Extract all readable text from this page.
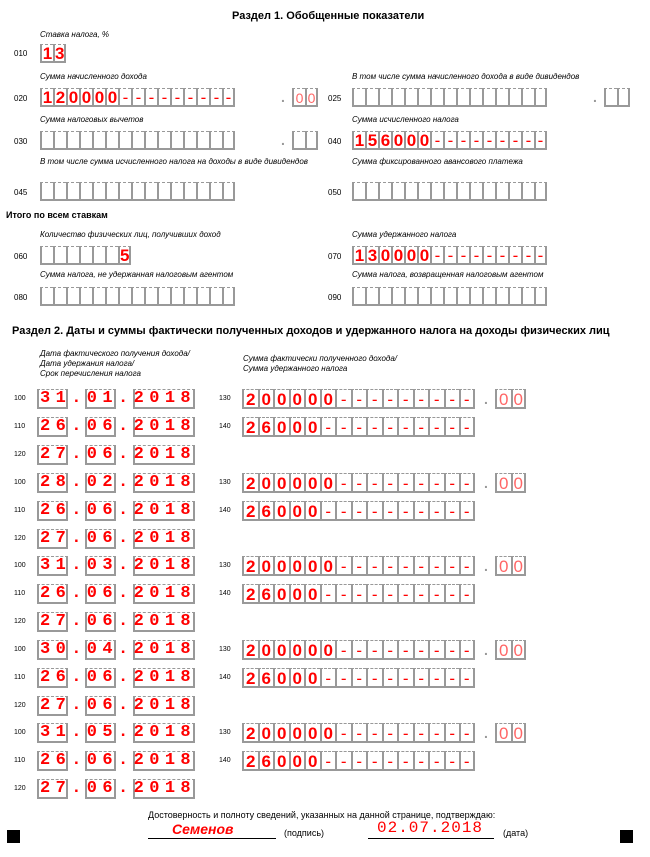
Раздел 1. Обобщенные показатели
Ставка налога, %
010 1 3
Сумма начисленного дохода
020 1 2 0 0 0 0 - - - - - - - - -	. 0 0
В том числе сумма начисленного дохода в виде дивидендов
025	.
Сумма налоговых вычетов
030	.
Сумма исчисленного налога
040 1 5 6 0 0 0 - - - - - - - - -
В том числе сумма исчисленного налога на доходы в виде дивидендов
045
Сумма фиксированного авансового платежа
050
Итого по всем ставкам
Количество физических лиц, получивших доход
060	5
Сумма удержанного налога
070 1 3 0 0 0 0 - - - - - - - - -
Сумма налога, не удержанная налоговым агентом
080
Сумма налога, возвращенная налоговым агентом
090
Раздел 2. Даты и суммы фактически полученных доходов и удержанного налога на доходы физических лиц
Дата фактического получения дохода/
Дата удержания налога/
Срок перечисления налога
Сумма фактически полученного дохода/
Сумма удержанного налога
100 31.01.2018
110 26.06.2018
120 27.06.2018
130 2 0 0 0 0 0 - - - - - - - - -	. 0 0
140 2 6 0 0 0 - - - - - - - - - -
100 28.02.2018
110 26.06.2018
120 27.06.2018
130 2 0 0 0 0 0 - - - - - - - - -	. 0 0
140 2 6 0 0 0 - - - - - - - - - -
100 31.03.2018
110 26.06.2018
120 27.06.2018
130 2 0 0 0 0 0 - - - - - - - - -	. 0 0
140 2 6 0 0 0 - - - - - - - - - -
100 30.04.2018
110 26.06.2018
120 27.06.2018
130 2 0 0 0 0 0 - - - - - - - - -	. 0 0
140 2 6 0 0 0 - - - - - - - - - -
100 31.05.2018
110 26.06.2018
120 27.06.2018
130 2 0 0 0 0 0 - - - - - - - - -	. 0 0
140 2 6 0 0 0 - - - - - - - - - -
Достоверность и полноту сведений, указанных на данной странице, подтверждаю:
Семенов	(подпись)	02.07.2018 (дата)
